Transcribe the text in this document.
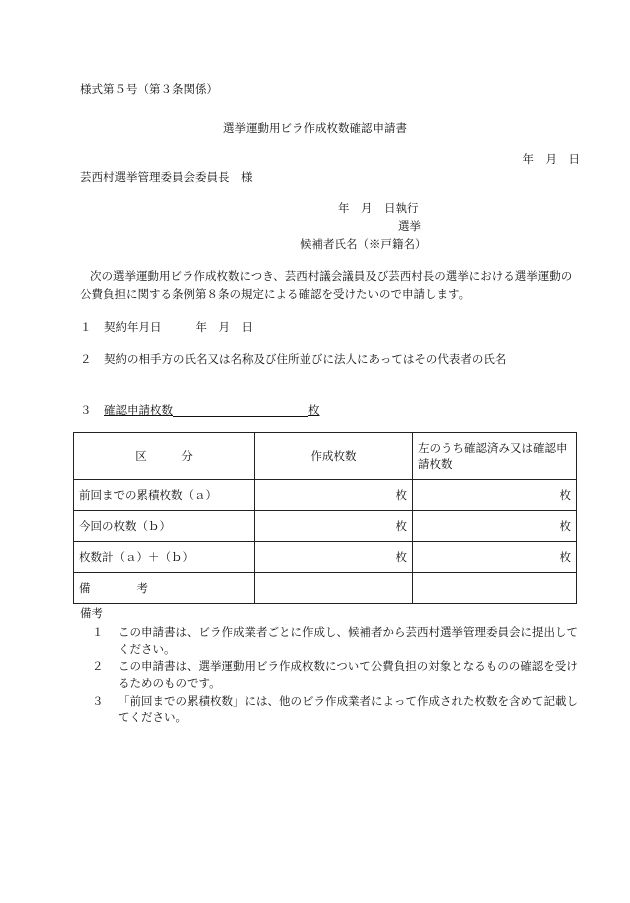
様式第５号（第３条関係）
選挙運動用ビラ作成枚数確認申請書
年　月　日
芸西村選挙管理委員会委員長　様
年　月　日執行
選挙
候補者氏名（※戸籍名）
次の選挙運動用ビラ作成枚数につき、芸西村議会議員及び芸西村長の選挙における選挙運動の公費負担に関する条例第８条の規定による確認を受けたいので申請します。
１ 契約年月日	年　月　日
２ 契約の相手方の氏名又は名称及び住所並びに法人にあってはその代表者の氏名
３ 確認申請枚数	枚
区　　　分	作成枚数	左のうち確認済み又は確認申請枚数
前回までの累積枚数（ａ）	枚	枚
今回の枚数（ｂ）	枚	枚
枚数計（ａ）＋（ｂ）	枚	枚
備　　　　考		
備考
１ この申請書は、ビラ作成業者ごとに作成し、候補者から芸西村選挙管理委員会に提出してください。
２ この申請書は、選挙運動用ビラ作成枚数について公費負担の対象となるものの確認を受けるためのものです。
３ 「前回までの累積枚数」には、他のビラ作成業者によって作成された枚数を含めて記載してください。
